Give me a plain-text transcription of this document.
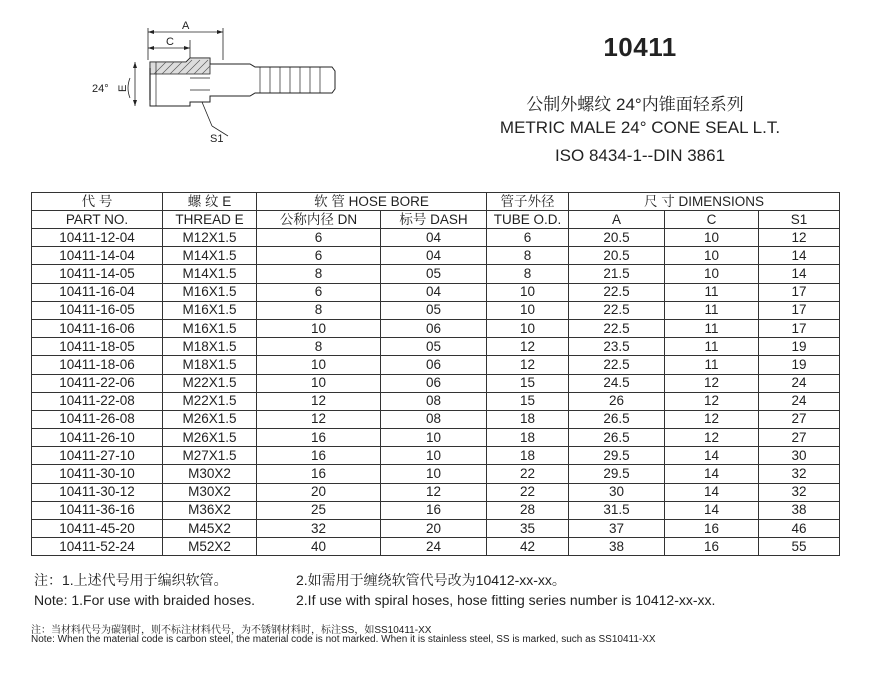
A
C
E
24°
S1
10411
公制外螺纹 24°内锥面轻系列
METRIC MALE 24° CONE SEAL L.T.
ISO 8434-1--DIN 3861
代 号	螺 纹 E	软 管 HOSE BORE		管子外径	尺 寸 DIMENSIONS		
PART NO.	THREAD E	公称内径 DN	标号 DASH	TUBE O.D.	A	C	S1
10411-12-04	M12X1.5	6	04	6	20.5	10	12
10411-14-04	M14X1.5	6	04	8	20.5	10	14
10411-14-05	M14X1.5	8	05	8	21.5	10	14
10411-16-04	M16X1.5	6	04	10	22.5	11	17
10411-16-05	M16X1.5	8	05	10	22.5	11	17
10411-16-06	M16X1.5	10	06	10	22.5	11	17
10411-18-05	M18X1.5	8	05	12	23.5	11	19
10411-18-06	M18X1.5	10	06	12	22.5	11	19
10411-22-06	M22X1.5	10	06	15	24.5	12	24
10411-22-08	M22X1.5	12	08	15	26	12	24
10411-26-08	M26X1.5	12	08	18	26.5	12	27
10411-26-10	M26X1.5	16	10	18	26.5	12	27
10411-27-10	M27X1.5	16	10	18	29.5	14	30
10411-30-10	M30X2	16	10	22	29.5	14	32
10411-30-12	M30X2	20	12	22	30	14	32
10411-36-16	M36X2	25	16	28	31.5	14	38
10411-45-20	M45X2	32	20	35	37	16	46
10411-52-24	M52X2	40	24	42	38	16	55
注：1.上述代号用于编织软管。	2.如需用于缠绕软管代号改为10412-xx-xx。
Note: 1.For use with braided hoses.	2.If use with spiral hoses, hose fitting series number is 10412-xx-xx.
注：当材料代号为碳钢时，则不标注材料代号，为不锈钢材料时，标注SS，如SS10411-XX
Note: When the material code is carbon steel, the material code is not marked. When it is stainless steel, SS is marked, such as SS10411-XX
